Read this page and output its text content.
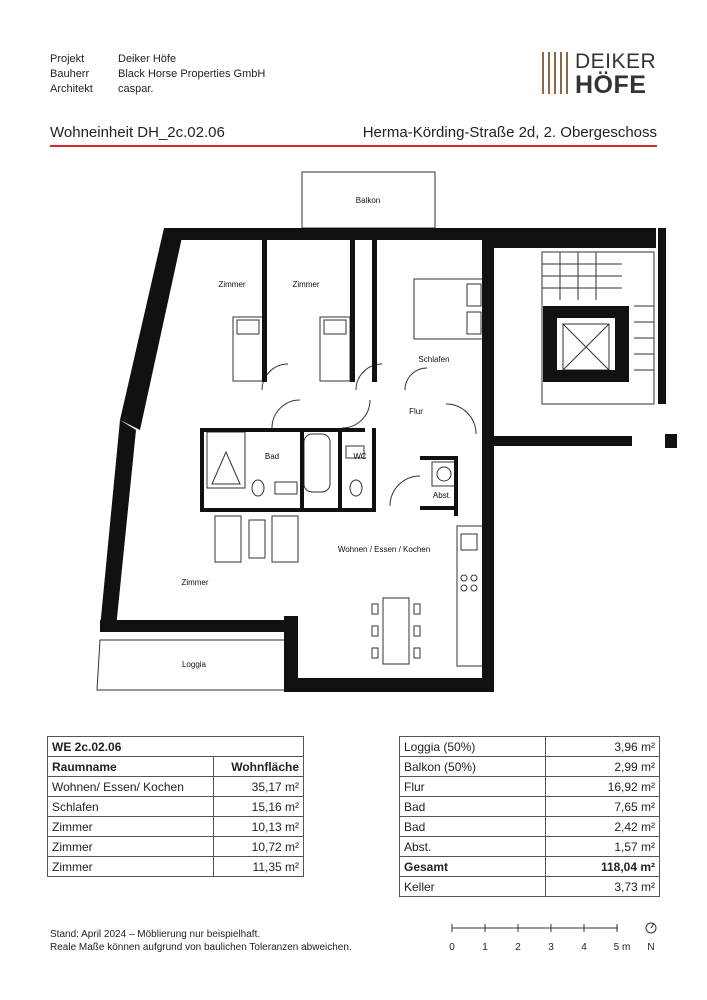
Projekt	Deiker Höfe
Bauherr	Black Horse Properties GmbH
Architekt caspar.
DEIKER
HÖFE
Wohneinheit DH_2c.02.06	Herma-Körding-Straße 2d, 2. Obergeschoss
Balkon
Zimmer	Zimmer
Schlafen
Flur
Bad	WC
Abst.
Wohnen / Essen / Kochen
Zimmer
Loggia
WE 2c.02.06	
Raumname	Wohnfläche
Wohnen/ Essen/ Kochen	35,17 m²
Schlafen	15,16 m²
Zimmer	10,13 m²
Zimmer	10,72 m²
Zimmer	11,35 m²
Loggia (50%)	3,96 m²
Balkon (50%)	2,99 m²
Flur	16,92 m²
Bad	7,65 m²
Bad	2,42 m²
Abst.	1,57 m²
Gesamt	118,04 m²
Keller	3,73 m²
Stand: April 2024 – Möblierung nur beispielhaft.
Reale Maße können aufgrund von baulichen Toleranzen abweichen.	0	1	2	3	4	5 m N
